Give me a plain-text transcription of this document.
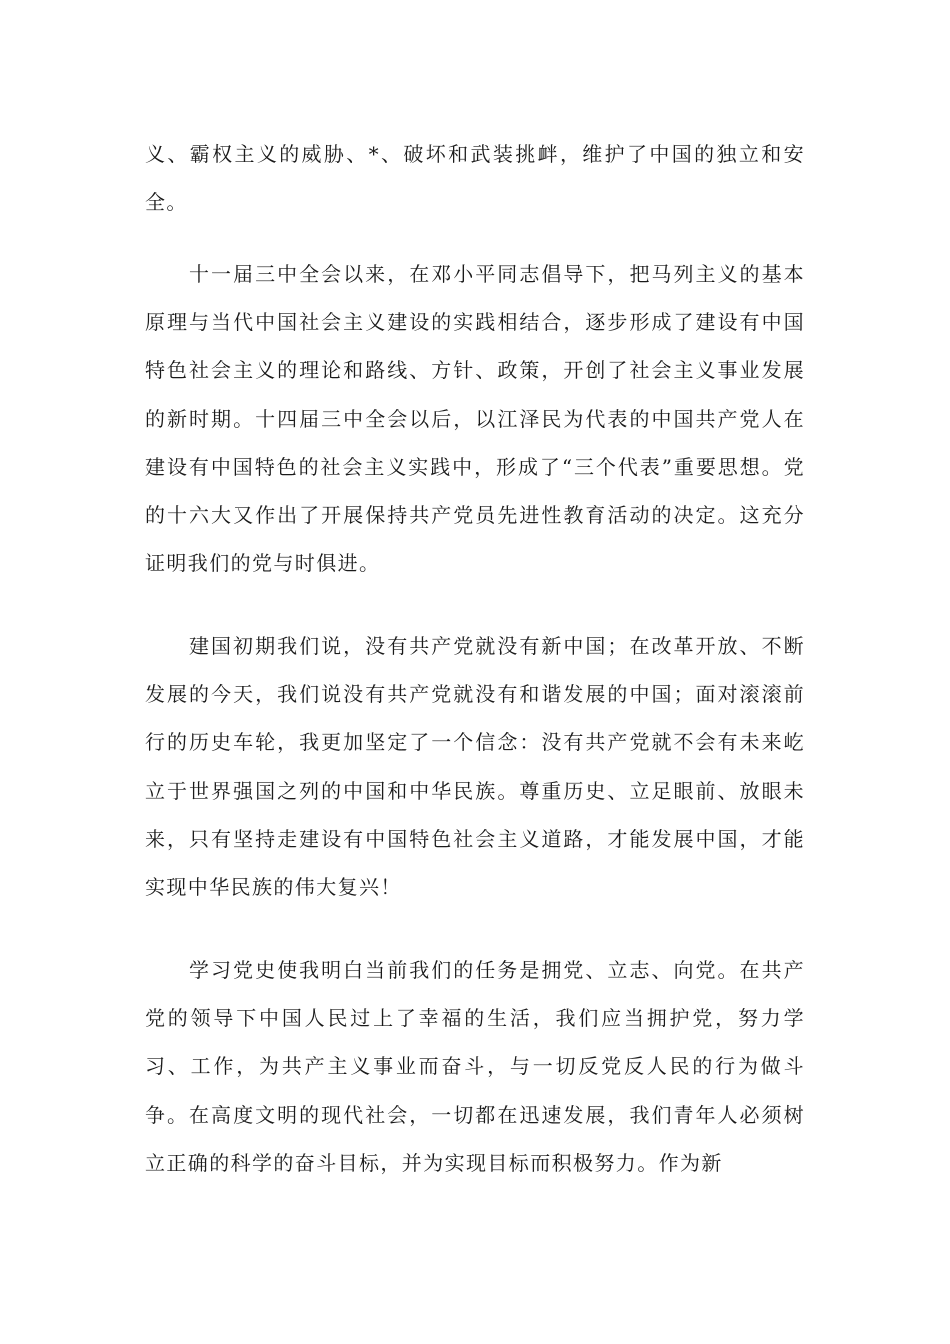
义、霸权主义的威胁、*、破坏和武装挑衅，维护了中国的独立和安全。

十一届三中全会以来，在邓小平同志倡导下，把马列主义的基本原理与当代中国社会主义建设的实践相结合，逐步形成了建设有中国特色社会主义的理论和路线、方针、政策，开创了社会主义事业发展的新时期。十四届三中全会以后，以江泽民为代表的中国共产党人在建设有中国特色的社会主义实践中，形成了“三个代表”重要思想。党的十六大又作出了开展保持共产党员先进性教育活动的决定。这充分证明我们的党与时俱进。

建国初期我们说，没有共产党就没有新中国；在改革开放、不断发展的今天，我们说没有共产党就没有和谐发展的中国；面对滚滚前行的历史车轮，我更加坚定了一个信念：没有共产党就不会有未来屹立于世界强国之列的中国和中华民族。尊重历史、立足眼前、放眼未来，只有坚持走建设有中国特色社会主义道路，才能发展中国，才能实现中华民族的伟大复兴！

学习党史使我明白当前我们的任务是拥党、立志、向党。在共产党的领导下中国人民过上了幸福的生活，我们应当拥护党，努力学习、工作，为共产主义事业而奋斗，与一切反党反人民的行为做斗争。在高度文明的现代社会，一切都在迅速发展，我们青年人必须树立正确的科学的奋斗目标，并为实现目标而积极努力。作为新
